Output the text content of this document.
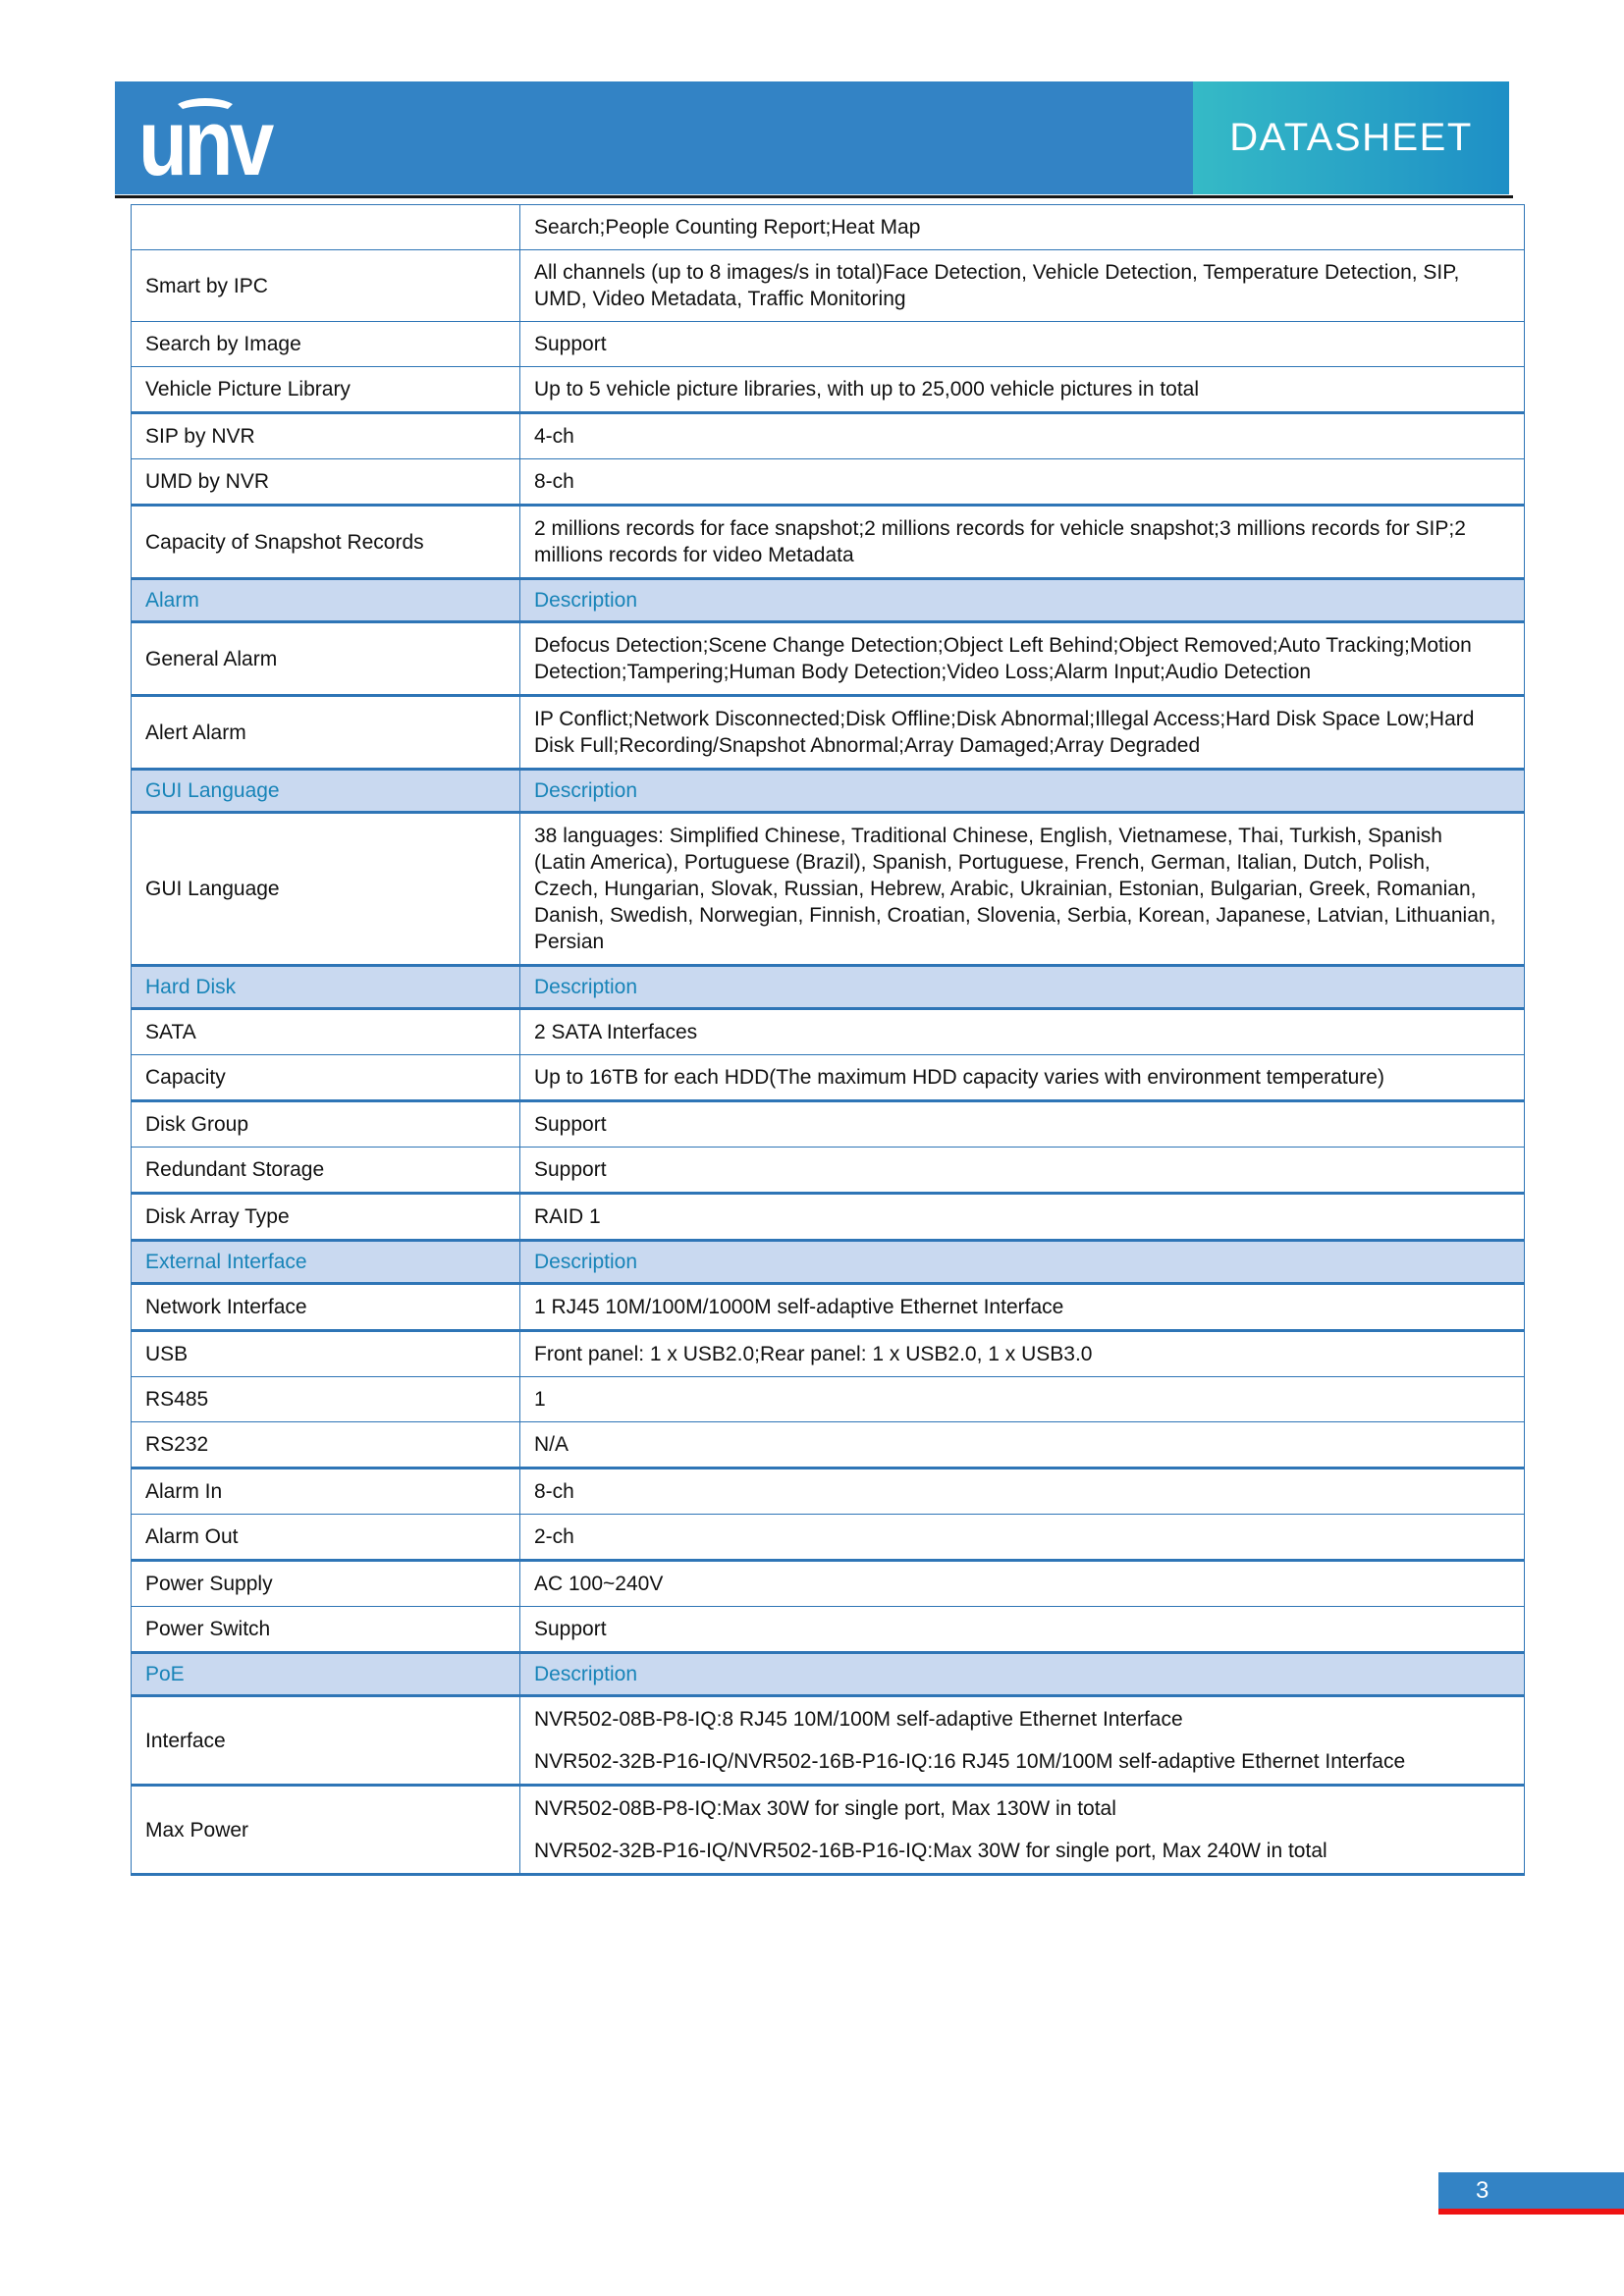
unv	DATASHEET

	Search;People Counting Report;Heat Map

Smart by IPC	All channels (up to 8 images/s in total)Face Detection, Vehicle Detection, Temperature Detection, SIP, UMD, Video Metadata, Traffic Monitoring

Search by Image	Support

Vehicle Picture Library	Up to 5 vehicle picture libraries, with up to 25,000 vehicle pictures in total

SIP by NVR	4-ch

UMD by NVR	8-ch

Capacity of Snapshot Records	2 millions records for face snapshot;2 millions records for vehicle snapshot;3 millions records for SIP;2 millions records for video Metadata

Alarm	Description
General Alarm	Defocus Detection;Scene Change Detection;Object Left Behind;Object Removed;Auto Tracking;Motion Detection;Tampering;Human Body Detection;Video Loss;Alarm Input;Audio Detection

Alert Alarm	IP Conflict;Network Disconnected;Disk Offline;Disk Abnormal;Illegal Access;Hard Disk Space Low;Hard Disk Full;Recording/Snapshot Abnormal;Array Damaged;Array Degraded

GUI Language	Description
GUI Language	38 languages: Simplified Chinese, Traditional Chinese, English, Vietnamese, Thai, Turkish, Spanish (Latin America), Portuguese (Brazil), Spanish, Portuguese, French, German, Italian, Dutch, Polish, Czech, Hungarian, Slovak, Russian, Hebrew, Arabic, Ukrainian, Estonian, Bulgarian, Greek, Romanian, Danish, Swedish, Norwegian, Finnish, Croatian, Slovenia, Serbia, Korean, Japanese, Latvian, Lithuanian, Persian

Hard Disk	Description
SATA	2 SATA Interfaces

Capacity	Up to 16TB for each HDD(The maximum HDD capacity varies with environment temperature)

Disk Group	Support

Redundant Storage	Support

Disk Array Type	RAID 1

External Interface	Description
Network Interface	1 RJ45 10M/100M/1000M self-adaptive Ethernet Interface

USB	Front panel: 1 x USB2.0;Rear panel: 1 x USB2.0, 1 x USB3.0

RS485	1

RS232	N/A

Alarm In	8-ch

Alarm Out	2-ch

Power Supply	AC 100~240V

Power Switch	Support

PoE	Description
Interface	NVR502-08B-P8-IQ:8 RJ45 10M/100M self-adaptive Ethernet Interface

NVR502-32B-P16-IQ/NVR502-16B-P16-IQ:16 RJ45 10M/100M self-adaptive Ethernet Interface

Max Power	NVR502-08B-P8-IQ:Max 30W for single port, Max 130W in total

NVR502-32B-P16-IQ/NVR502-16B-P16-IQ:Max 30W for single port, Max 240W in total

3
